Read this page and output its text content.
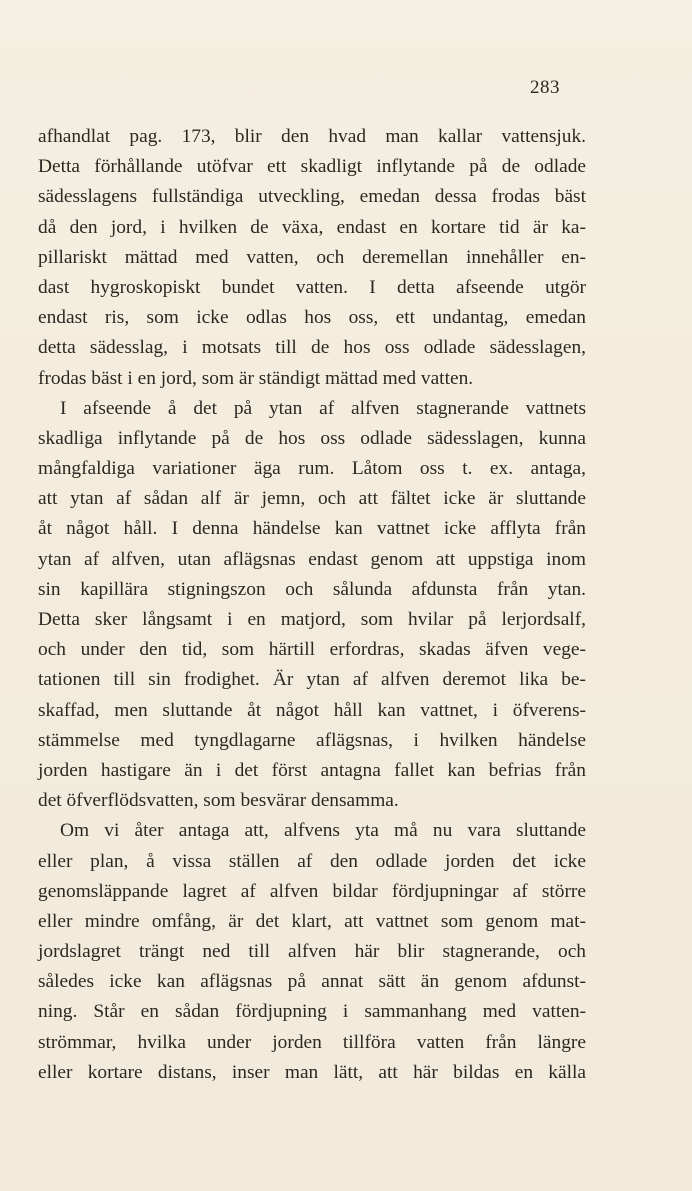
283
afhandlat pag. 173, blir den hvad man kallar vattensjuk.
Detta förhållande utöfvar ett skadligt inflytande på de odlade
sädesslagens fullständiga utveckling, emedan dessa frodas bäst
då den jord, i hvilken de växa, endast en kortare tid är ka-
pillariskt mättad med vatten, och deremellan innehåller en-
dast hygroskopiskt bundet vatten. I detta afseende utgör
endast ris, som icke odlas hos oss, ett undantag, emedan
detta sädesslag, i motsats till de hos oss odlade sädesslagen,
frodas bäst i en jord, som är ständigt mättad med vatten.
I afseende å det på ytan af alfven stagnerande vattnets
skadliga inflytande på de hos oss odlade sädesslagen, kunna
mångfaldiga variationer äga rum. Låtom oss t. ex. antaga,
att ytan af sådan alf är jemn, och att fältet icke är sluttande
åt något håll. I denna händelse kan vattnet icke afflyta från
ytan af alfven, utan aflägsnas endast genom att uppstiga inom
sin kapillära stigningszon och sålunda afdunsta från ytan.
Detta sker långsamt i en matjord, som hvilar på lerjordsalf,
och under den tid, som härtill erfordras, skadas äfven vege-
tationen till sin frodighet. Är ytan af alfven deremot lika be-
skaffad, men sluttande åt något håll kan vattnet, i öfverens-
stämmelse med tyngdlagarne aflägsnas, i hvilken händelse
jorden hastigare än i det först antagna fallet kan befrias från
det öfverflödsvatten, som besvärar densamma.
Om vi åter antaga att, alfvens yta må nu vara sluttande
eller plan, å vissa ställen af den odlade jorden det icke
genomsläppande lagret af alfven bildar fördjupningar af större
eller mindre omfång, är det klart, att vattnet som genom mat-
jordslagret trängt ned till alfven här blir stagnerande, och
således icke kan aflägsnas på annat sätt än genom afdunst-
ning. Står en sådan fördjupning i sammanhang med vatten-
strömmar, hvilka under jorden tillföra vatten från längre
eller kortare distans, inser man lätt, att här bildas en källa
